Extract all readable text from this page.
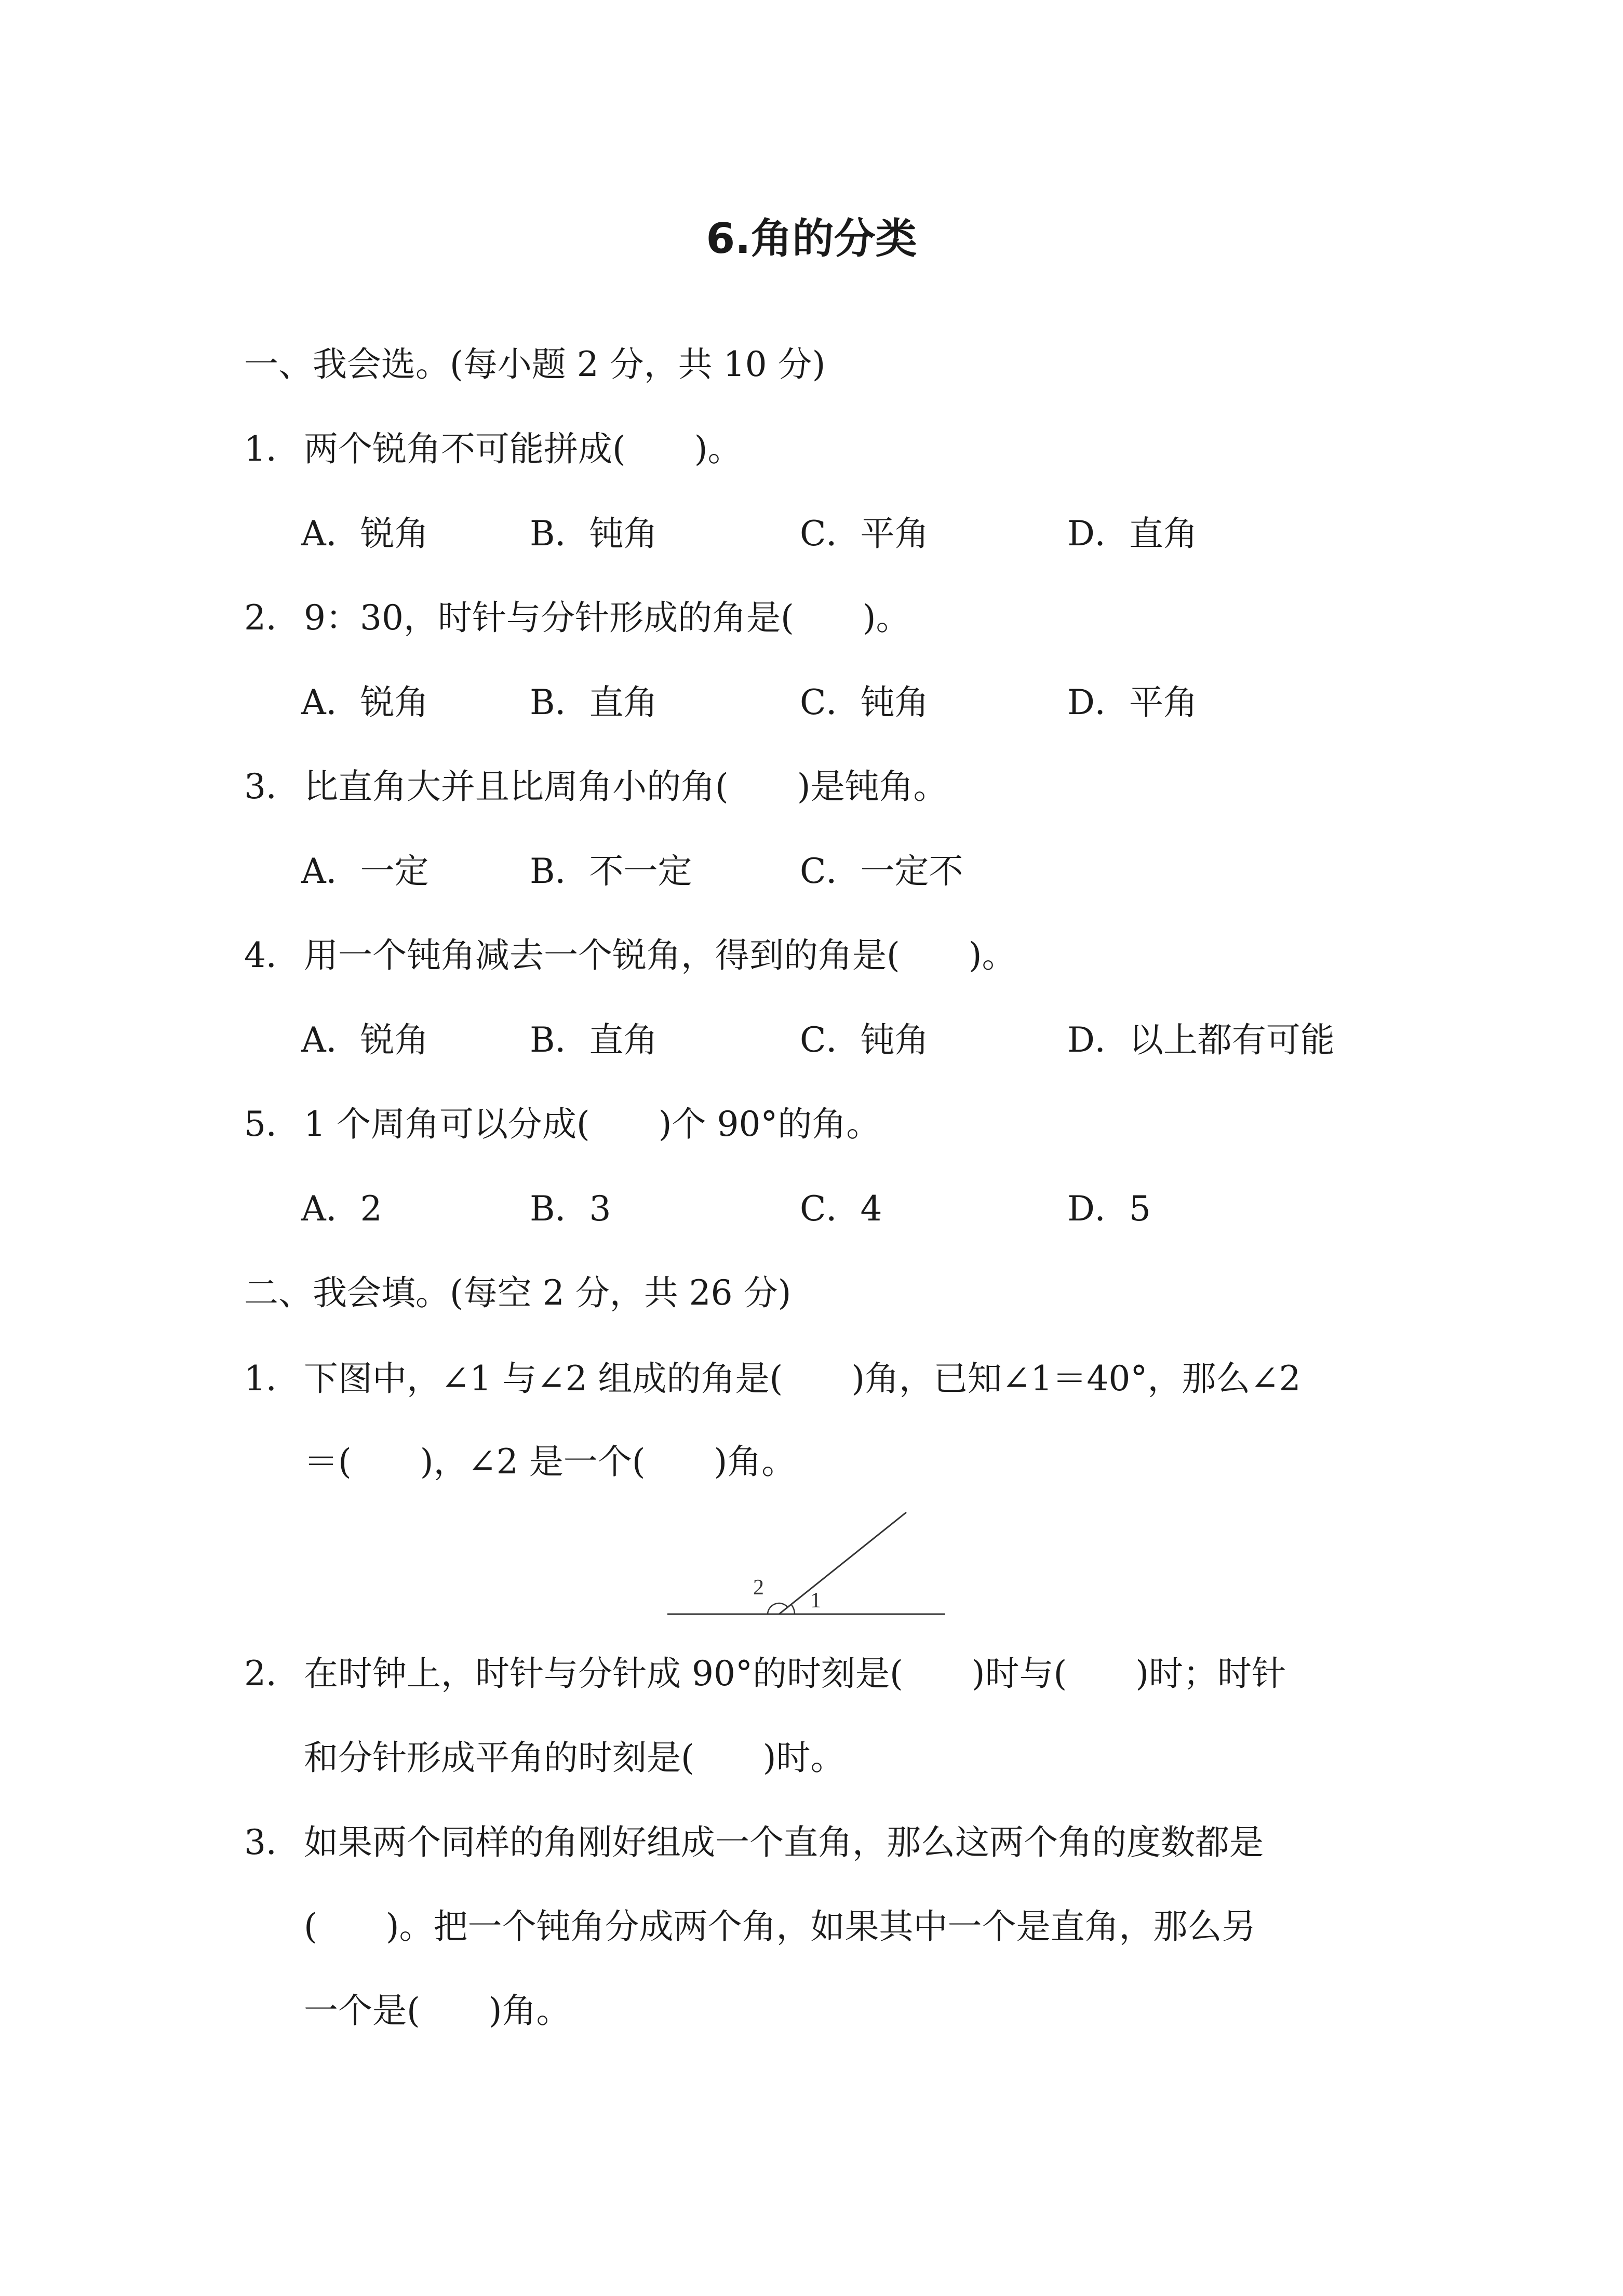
6.角的分类
一、我会选。(每小题 2 分，共 10 分)
1． 两个锐角不可能拼成(　　)。
A．锐角	B．钝角	C．平角	D．直角
2． 9：30，时针与分针形成的角是(　　)。
A．锐角	B．直角	C．钝角	D．平角
3． 比直角大并且比周角小的角(　　)是钝角。
A．一定	B．不一定	C．一定不
4． 用一个钝角减去一个锐角，得到的角是(　　)。
A．锐角	B．直角	C．钝角	D．以上都有可能
5． 1 个周角可以分成(　　)个 90°的角。
A．2	B．3	C．4	D．5
二、我会填。(每空 2 分，共 26 分)
1． 下图中，∠1 与∠2 组成的角是(　　)角，已知∠1＝40°，那么∠2
＝(　　)，∠2 是一个(　　)角。
1
2
2． 在时钟上，时针与分针成 90°的时刻是(　　)时与(　　)时；时针
和分针形成平角的时刻是(　　)时。
3． 如果两个同样的角刚好组成一个直角，那么这两个角的度数都是
(　　)。把一个钝角分成两个角，如果其中一个是直角，那么另
一个是(　　)角。
